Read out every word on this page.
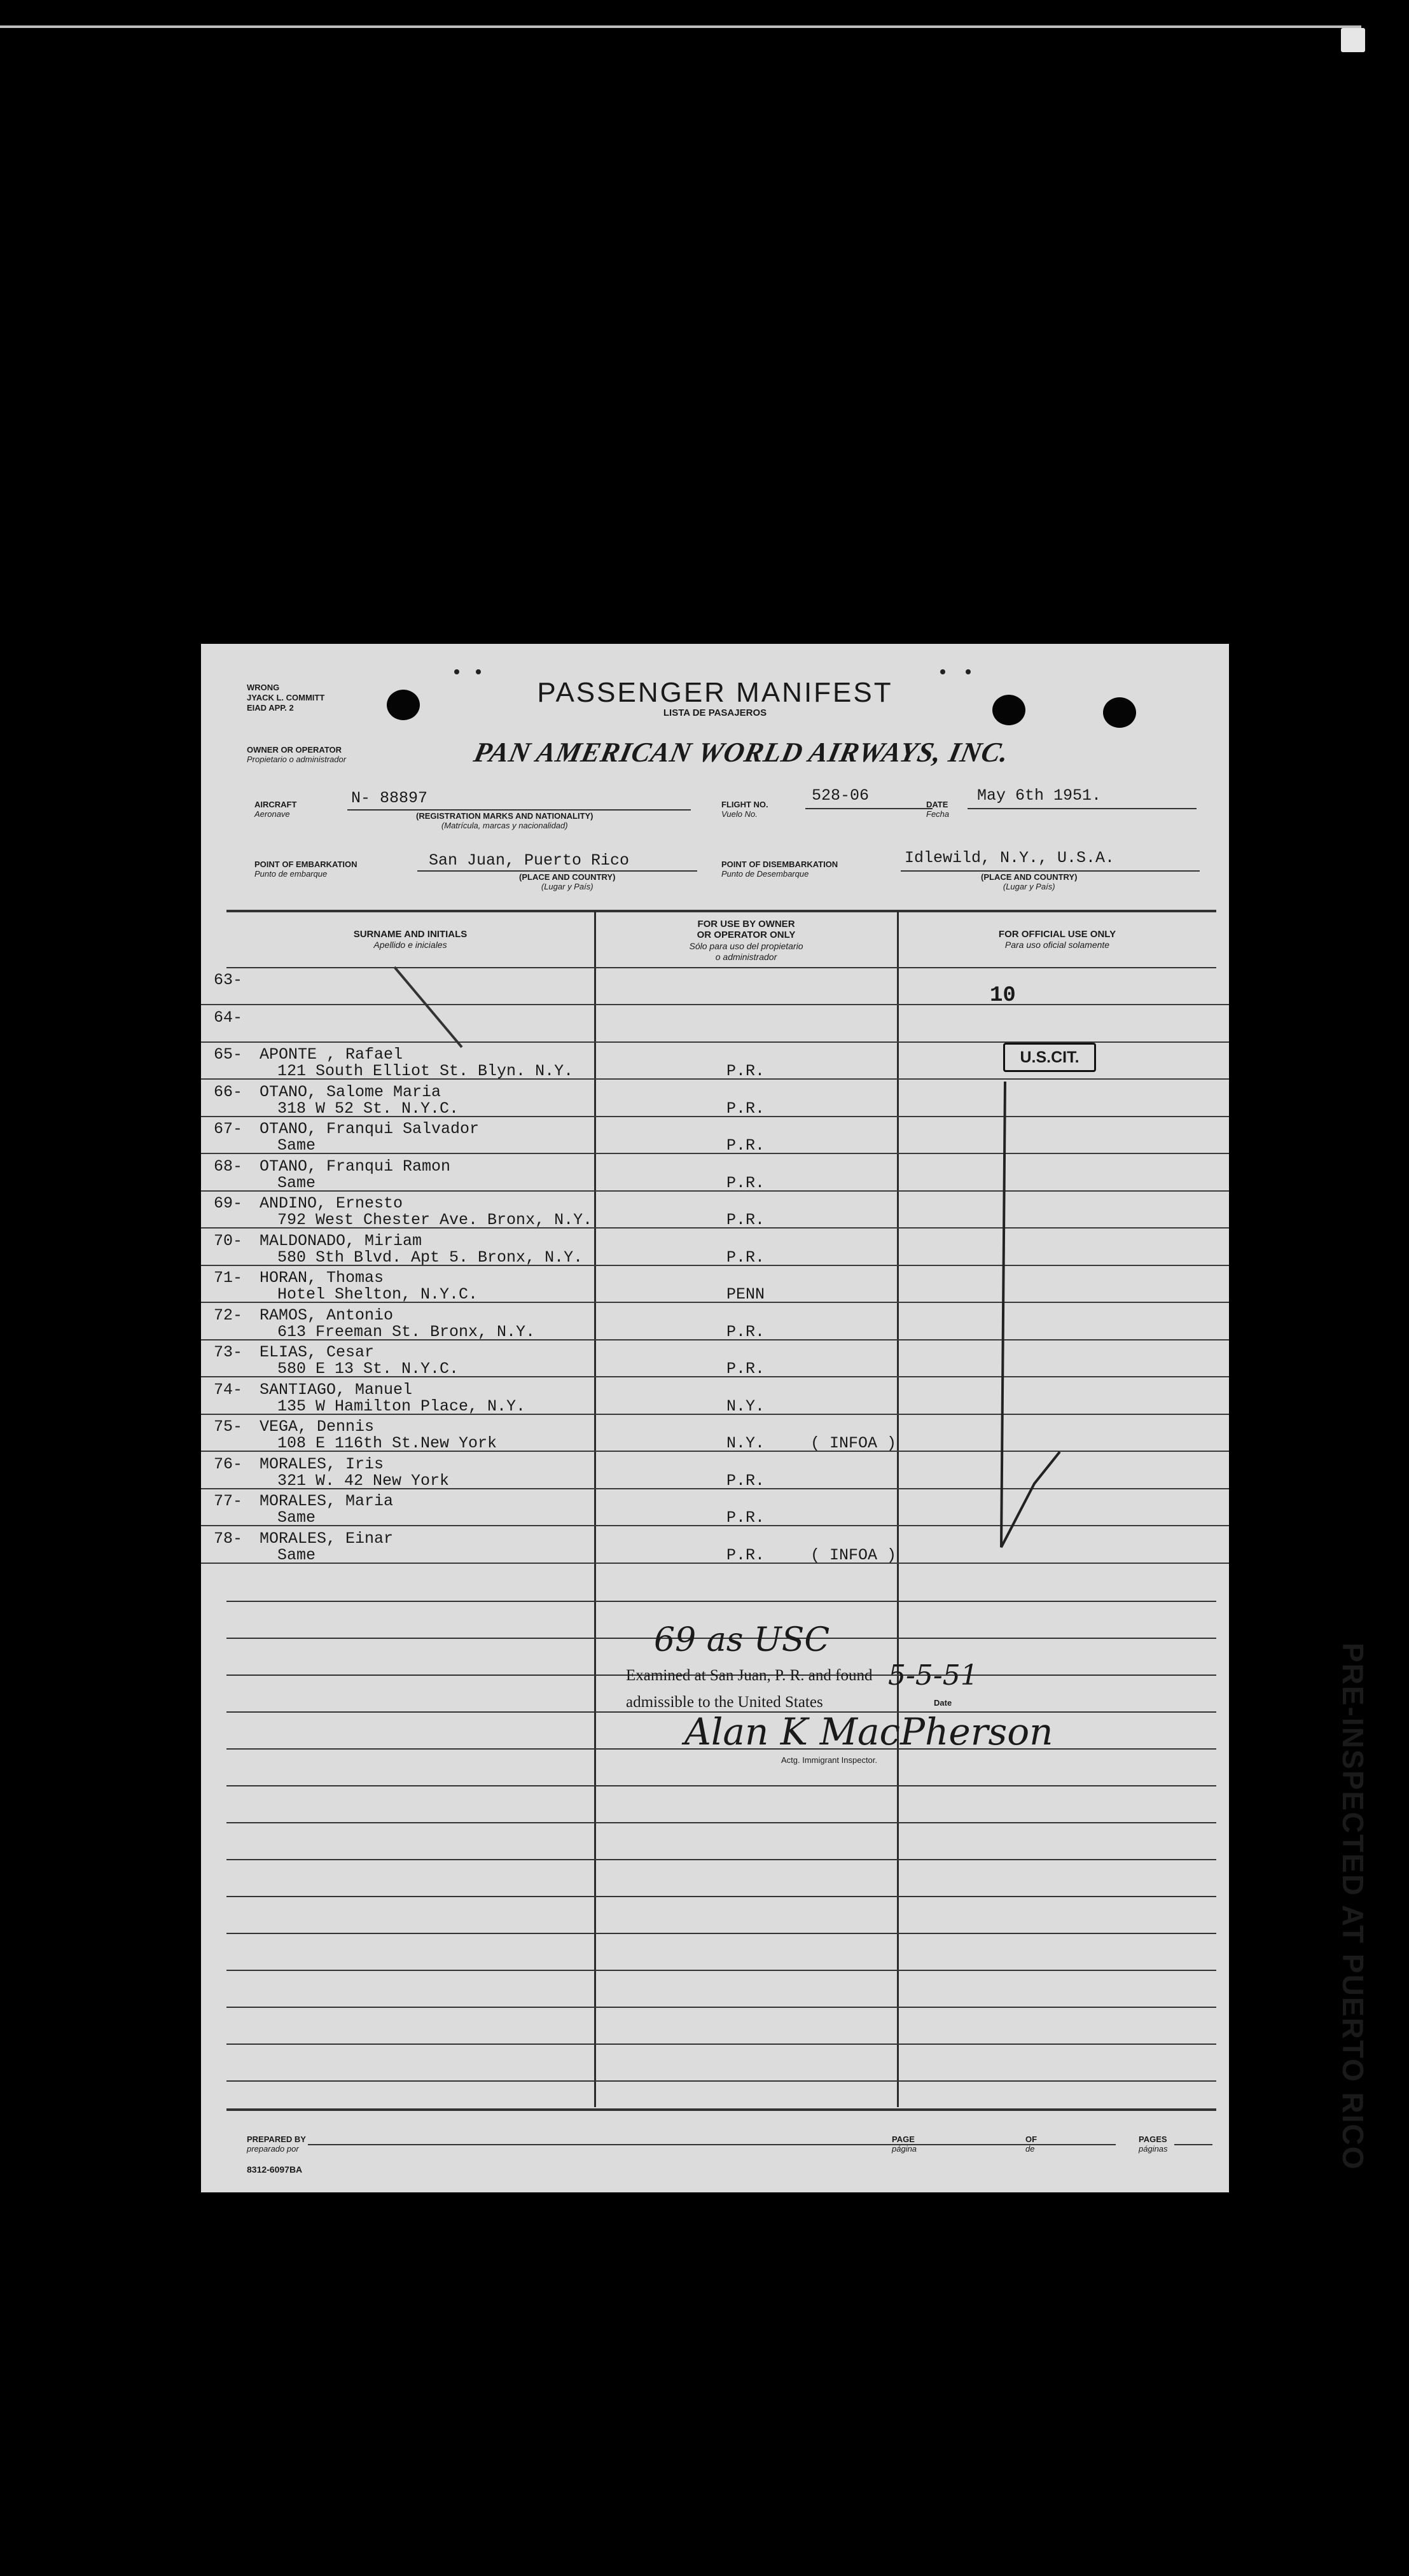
WRONG
JYACK L. COMMITT
EIAD APP. 2	PASSENGER MANIFEST
LISTA DE PASAJEROS
OWNER OR OPERATOR
Propietario o administrador	PAN AMERICAN WORLD AIRWAYS, INC.
AIRCRAFT
Aeronave
N- 88897
(REGISTRATION MARKS AND NATIONALITY)
(Matrícula, marcas y nacionalidad)
FLIGHT NO.
Vuelo No.
528-06	DATE
Fecha
May 6th 1951.
POINT OF EMBARKATION
Punto de embarque
San Juan, Puerto Rico
(PLACE AND COUNTRY)
(Lugar y País)
POINT OF DISEMBARKATION
Punto de Desembarque
Idlewild, N.Y., U.S.A.
(PLACE AND COUNTRY)
(Lugar y País)
SURNAME AND INITIALS
Apellido e iniciales
FOR USE BY OWNER
OR OPERATOR ONLY
Sólo para uso del propietario
o administrador
FOR OFFICIAL USE ONLY
Para uso oficial solamente
63-
64-
65- APONTE , Rafael
121 South Elliot St. Blyn. N.Y.	P.R.
66- OTANO, Salome Maria
318 W 52 St. N.Y.C.	P.R.
67- OTANO, Franqui Salvador
Same	P.R.
68- OTANO, Franqui Ramon
Same	P.R.
69- ANDINO, Ernesto
792 West Chester Ave. Bronx, N.Y.	P.R.
70- MALDONADO, Miriam
580 Sth Blvd. Apt 5. Bronx, N.Y.	P.R.
71- HORAN, Thomas
Hotel Shelton, N.Y.C.	PENN
72- RAMOS, Antonio
613 Freeman St. Bronx, N.Y.	P.R.
73- ELIAS, Cesar
580 E 13 St. N.Y.C.	P.R.
74- SANTIAGO, Manuel
135 W Hamilton Place, N.Y.	N.Y.
75- VEGA, Dennis
108 E 116th St.New York	N.Y.	( INFOA )
76- MORALES, Iris
321 W. 42 New York	P.R.
77- MORALES, Maria
Same	P.R.
78- MORALES, Einar
Same	P.R.	( INFOA )
10
U.S.CIT.
PRE-INSPECTED AT PUERTO RICO
69 as USC
Examined at San Juan, P. R. and found
admissible to the United States
5-5-51
Date
Alan K MacPherson
Actg. Immigrant Inspector.
PREPARED BY
preparado por
8312-6097BA
PAGE
página
OF
de
PAGES
páginas
